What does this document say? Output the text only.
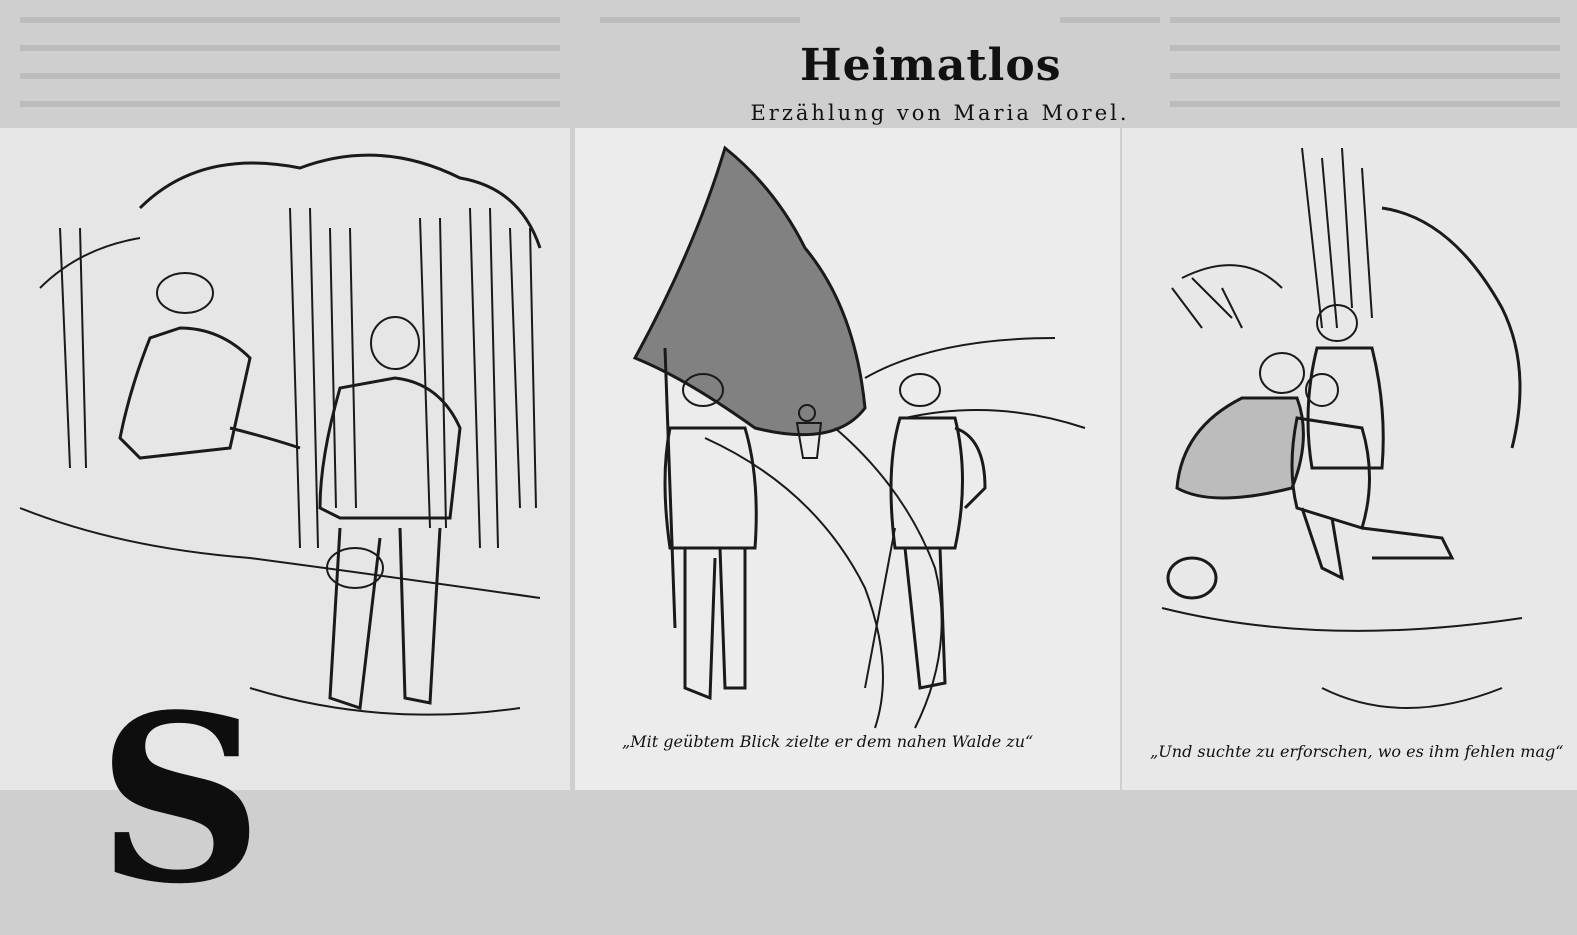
Heimatlos
Erzählung von Maria Morel.
S	„Mit geübtem Blick zielte er dem nahen Walde zu“
„Und suchte zu erforschen, wo es ihm fehlen mag“
